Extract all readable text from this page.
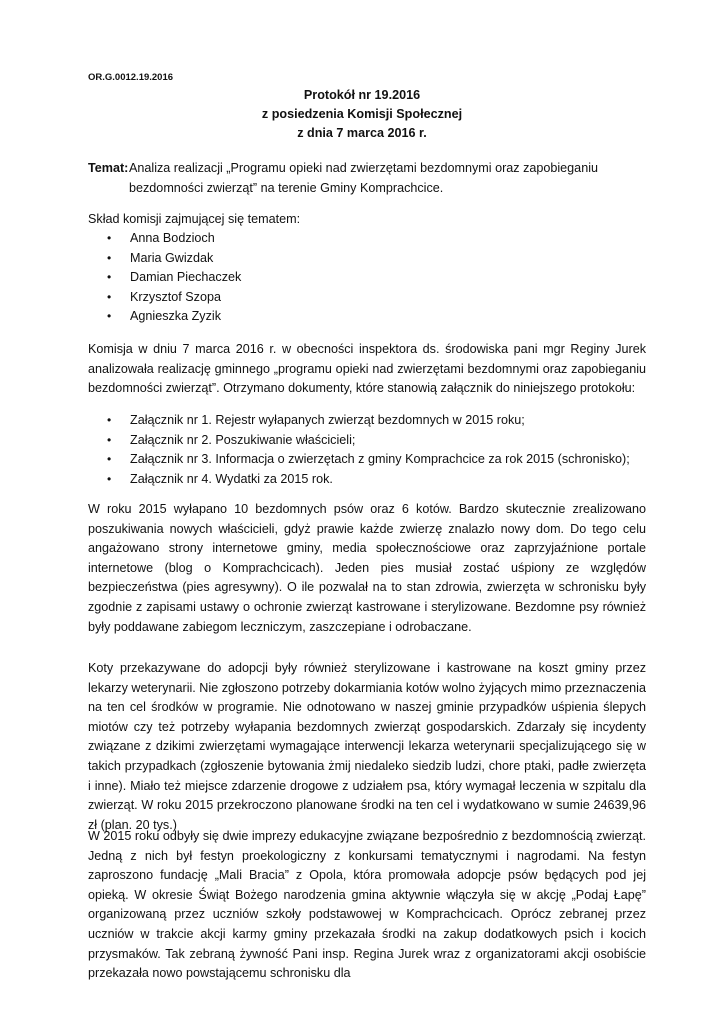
OR.G.0012.19.2016
Protokół nr 19.2016
z posiedzenia Komisji Społecznej
z dnia 7 marca 2016 r.
Temat: Analiza realizacji „Programu opieki nad zwierzętami bezdomnymi oraz zapobieganiu bezdomności zwierząt” na terenie Gminy Komprachcice.
Skład komisji zajmującej się tematem:
• Anna Bodzioch
• Maria Gwizdak
• Damian Piechaczek
• Krzysztof Szopa
• Agnieszka Zyzik
Komisja w dniu 7 marca 2016 r. w obecności inspektora ds. środowiska pani mgr Reginy Jurek analizowała realizację gminnego „programu opieki nad zwierzętami bezdomnymi oraz zapobieganiu bezdomności zwierząt”. Otrzymano dokumenty, które stanowią załącznik do niniejszego protokołu:
• Załącznik nr 1. Rejestr wyłapanych zwierząt bezdomnych w 2015 roku;
• Załącznik nr 2. Poszukiwanie właścicieli;
• Załącznik nr 3. Informacja o zwierzętach z gminy Komprachcice za rok 2015 (schronisko);
• Załącznik nr 4. Wydatki za 2015 rok.
W roku 2015 wyłapano 10 bezdomnych psów oraz 6 kotów. Bardzo skutecznie zrealizowano poszukiwania nowych właścicieli, gdyż prawie każde zwierzę znalazło nowy dom. Do tego celu angażowano strony internetowe gminy, media społecznościowe oraz zaprzyjaźnione portale internetowe (blog o Komprachcicach). Jeden pies musiał zostać uśpiony ze względów bezpieczeństwa (pies agresywny). O ile pozwalał na to stan zdrowia, zwierzęta w schronisku były zgodnie z zapisami ustawy o ochronie zwierząt kastrowane i sterylizowane. Bezdomne psy również były poddawane zabiegom leczniczym, zaszczepiane i odrobaczane.
Koty przekazywane do adopcji były również sterylizowane i kastrowane na koszt gminy przez lekarzy weterynarii. Nie zgłoszono potrzeby dokarmiania kotów wolno żyjących mimo przeznaczenia na ten cel środków w programie. Nie odnotowano w naszej gminie przypadków uśpienia ślepych miotów czy też potrzeby wyłapania bezdomnych zwierząt gospodarskich. Zdarzały się incydenty związane z dzikimi zwierzętami wymagające interwencji lekarza weterynarii specjalizującego się w takich przypadkach (zgłoszenie bytowania żmij niedaleko siedzib ludzi, chore ptaki, padłe zwierzęta i inne). Miało też miejsce zdarzenie drogowe z udziałem psa, który wymagał leczenia w szpitalu dla zwierząt. W roku 2015 przekroczono planowane środki na ten cel i wydatkowano w sumie 24639,96 zł (plan. 20 tys.)
W 2015 roku odbyły się dwie imprezy edukacyjne związane bezpośrednio z bezdomnością zwierząt. Jedną z nich był festyn proekologiczny z konkursami tematycznymi i nagrodami. Na festyn zaproszono fundację „Mali Bracia” z Opola, która promowała adopcje psów będących pod jej opieką. W okresie Świąt Bożego narodzenia gmina aktywnie włączyła się w akcję „Podaj Łapę” organizowaną przez uczniów szkoły podstawowej w Komprachcicach. Oprócz zebranej przez uczniów w trakcie akcji karmy gminy przekazała środki na zakup dodatkowych psich i kocich przysmaków. Tak zebraną żywność Pani insp. Regina Jurek wraz z organizatorami akcji osobiście przekazała nowo powstającemu schronisku dla
